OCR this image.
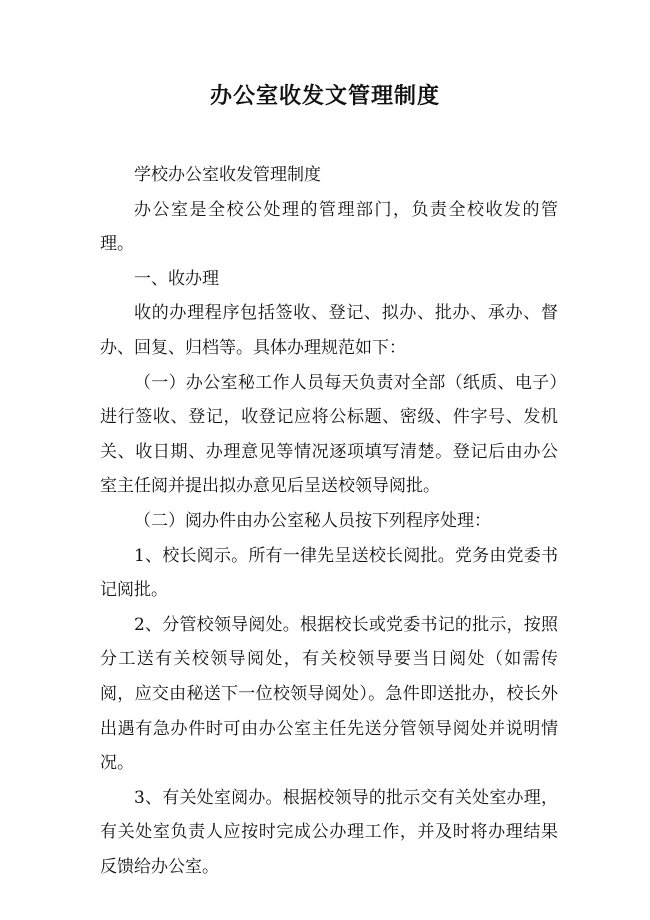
办公室收发文管理制度

学校办公室收发管理制度

办公室是全校公处理的管理部门，负责全校收发的管理。

一、收办理

收的办理程序包括签收、登记、拟办、批办、承办、督办、回复、归档等。具体办理规范如下：

（一）办公室秘工作人员每天负责对全部（纸质、电子）进行签收、登记，收登记应将公标题、密级、件字号、发机关、收日期、办理意见等情况逐项填写清楚。登记后由办公室主任阅并提出拟办意见后呈送校领导阅批。

（二）阅办件由办公室秘人员按下列程序处理：

1、校长阅示。所有一律先呈送校长阅批。党务由党委书记阅批。

2、分管校领导阅处。根据校长或党委书记的批示，按照分工送有关校领导阅处，有关校领导要当日阅处（如需传阅，应交由秘送下一位校领导阅处）。急件即送批办，校长外出遇有急办件时可由办公室主任先送分管领导阅处并说明情况。

3、有关处室阅办。根据校领导的批示交有关处室办理，有关处室负责人应按时完成公办理工作，并及时将办理结果反馈给办公室。
